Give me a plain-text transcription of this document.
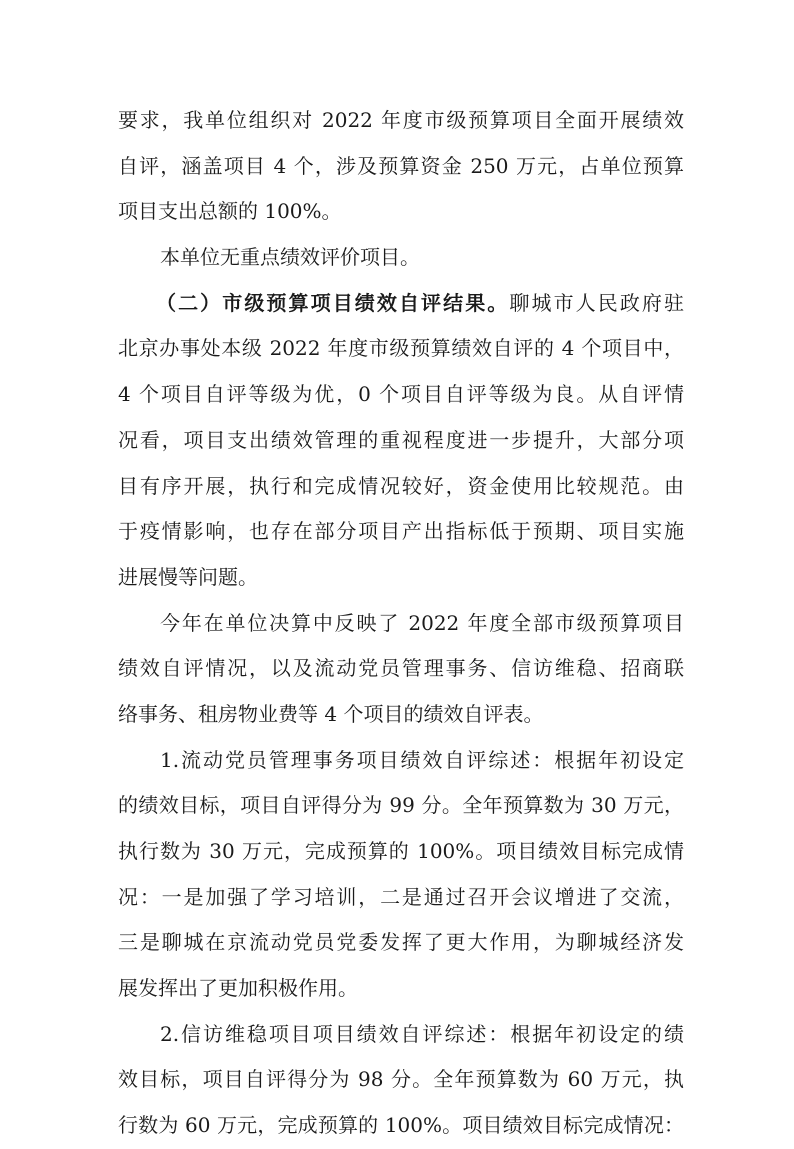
要求，我单位组织对 2022 年度市级预算项目全面开展绩效
自评，涵盖项目 4 个，涉及预算资金 250 万元，占单位预算
项目支出总额的 100%。
本单位无重点绩效评价项目。
（二）市级预算项目绩效自评结果。聊城市人民政府驻
北京办事处本级 2022 年度市级预算绩效自评的 4 个项目中，
4 个项目自评等级为优，0 个项目自评等级为良。从自评情
况看，项目支出绩效管理的重视程度进一步提升，大部分项
目有序开展，执行和完成情况较好，资金使用比较规范。由
于疫情影响，也存在部分项目产出指标低于预期、项目实施
进展慢等问题。
今年在单位决算中反映了 2022 年度全部市级预算项目
绩效自评情况，以及流动党员管理事务、信访维稳、招商联
络事务、租房物业费等 4 个项目的绩效自评表。
1.流动党员管理事务项目绩效自评综述：根据年初设定
的绩效目标，项目自评得分为 99 分。全年预算数为 30 万元，
执行数为 30 万元，完成预算的 100%。项目绩效目标完成情
况：一是加强了学习培训，二是通过召开会议增进了交流，
三是聊城在京流动党员党委发挥了更大作用，为聊城经济发
展发挥出了更加积极作用。
2.信访维稳项目项目绩效自评综述：根据年初设定的绩
效目标，项目自评得分为 98 分。全年预算数为 60 万元，执
行数为 60 万元，完成预算的 100%。项目绩效目标完成情况：
